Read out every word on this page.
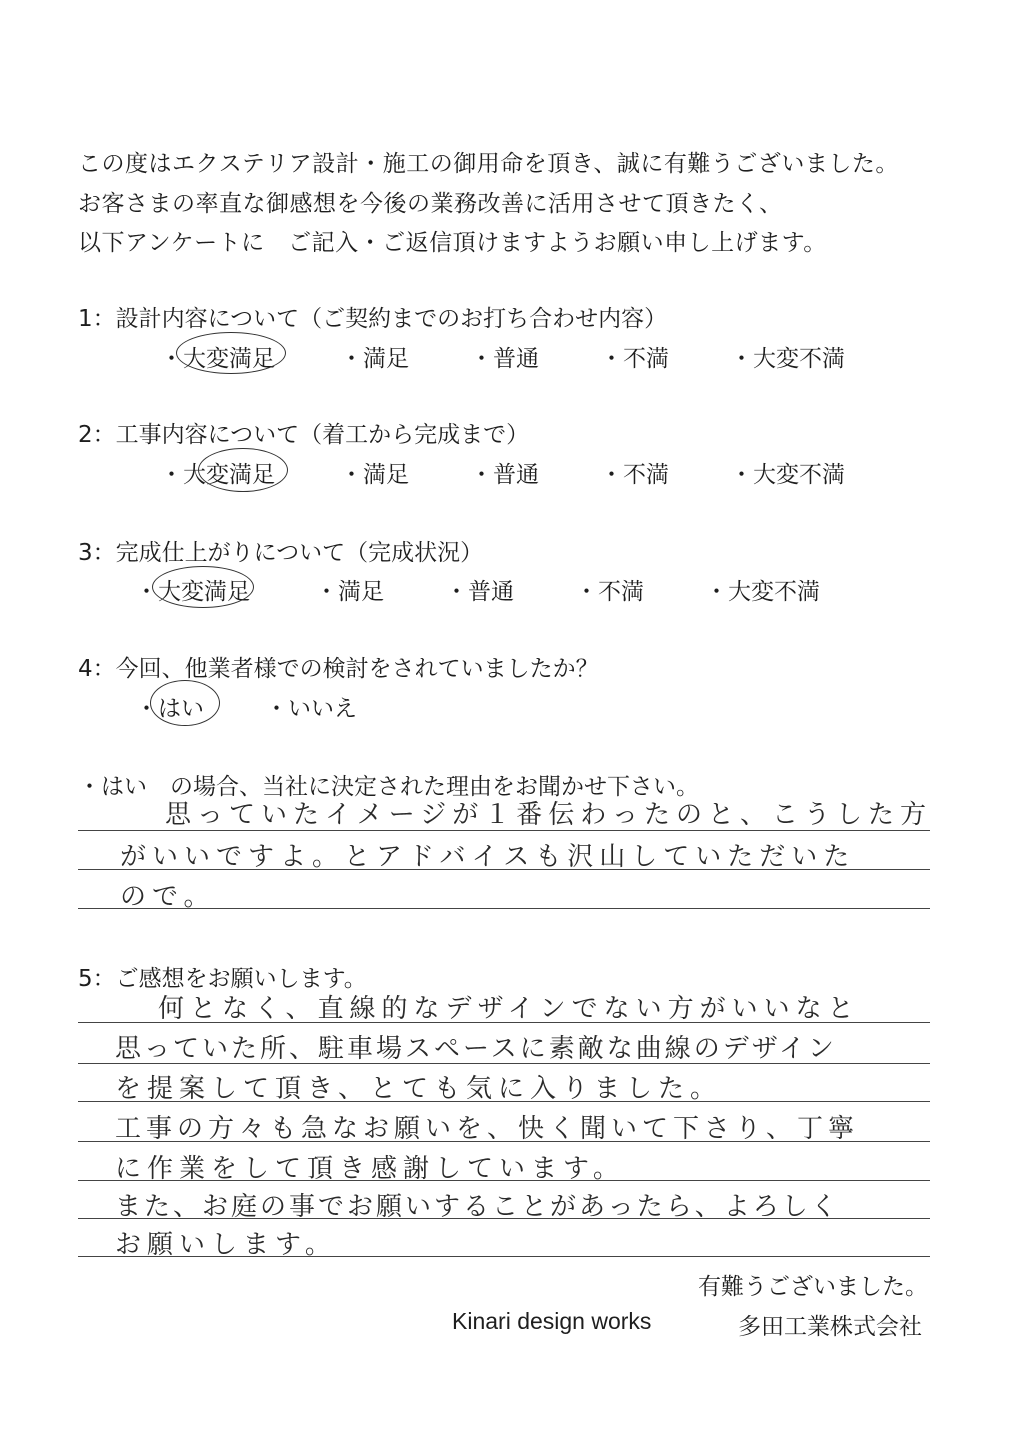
この度はエクステリア設計・施工の御用命を頂き、誠に有難うございました。
お客さまの率直な御感想を今後の業務改善に活用させて頂きたく、
以下アンケートに　ご記入・ご返信頂けますようお願い申し上げます。
1：設計内容について（ご契約までのお打ち合わせ内容）
・大変満足	・満足	・普通	・不満	・大変不満
2：工事内容について（着工から完成まで）
・大変満足	・満足	・普通	・不満	・大変不満
3：完成仕上がりについて（完成状況）
・大変満足	・満足	・普通	・不満	・大変不満
4：今回、他業者様での検討をされていましたか？
・はい	・いいえ
・はい　の場合、当社に決定された理由をお聞かせ下さい。
思っていたイメージが１番伝わったのと、こうした方
がいいですよ。とアドバイスも沢山していただいた
ので。
5：ご感想をお願いします。
何となく、直線的なデザインでない方がいいなと
思っていた所、駐車場スペースに素敵な曲線のデザイン
を提案して頂き、とても気に入りました。
工事の方々も急なお願いを、快く聞いて下さり、丁寧
に作業をして頂き感謝しています。
また、お庭の事でお願いすることがあったら、よろしく
お願いします。
有難うございました。
Kinari design works	多田工業株式会社
